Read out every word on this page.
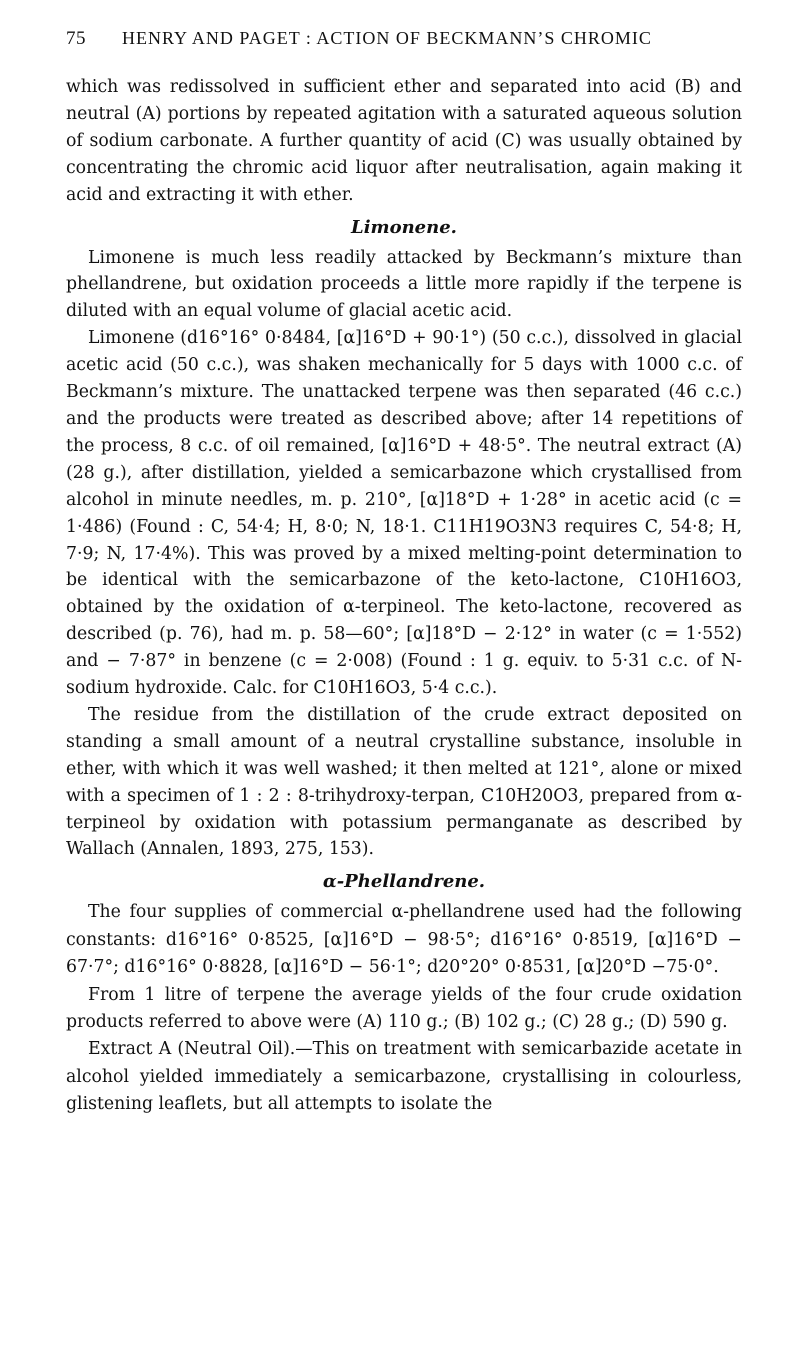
75	HENRY AND PAGET : ACTION OF BECKMANN’S CHROMIC

which was redissolved in sufficient ether and separated into acid (B) and neutral (A) portions by repeated agitation with a saturated aqueous solution of sodium carbonate. A further quantity of acid (C) was usually obtained by concentrating the chromic acid liquor after neutralisation, again making it acid and extracting it with ether.

Limonene.

Limonene is much less readily attacked by Beckmann’s mixture than phellandrene, but oxidation proceeds a little more rapidly if the terpene is diluted with an equal volume of glacial acetic acid.

Limonene (d16°16° 0·8484, [α]16°D + 90·1°) (50 c.c.), dissolved in glacial acetic acid (50 c.c.), was shaken mechanically for 5 days with 1000 c.c. of Beckmann’s mixture. The unattacked terpene was then separated (46 c.c.) and the products were treated as described above; after 14 repetitions of the process, 8 c.c. of oil remained, [α]16°D + 48·5°. The neutral extract (A) (28 g.), after distillation, yielded a semicarbazone which crystallised from alcohol in minute needles, m. p. 210°, [α]18°D + 1·28° in acetic acid (c = 1·486) (Found : C, 54·4; H, 8·0; N, 18·1. C11H19O3N3 requires C, 54·8; H, 7·9; N, 17·4%). This was proved by a mixed melting-point determination to be identical with the semicarbazone of the keto-lactone, C10H16O3, obtained by the oxidation of α-terpineol. The keto-lactone, recovered as described (p. 76), had m. p. 58—60°; [α]18°D − 2·12° in water (c = 1·552) and − 7·87° in benzene (c = 2·008) (Found : 1 g. equiv. to 5·31 c.c. of N-sodium hydroxide. Calc. for C10H16O3, 5·4 c.c.).

The residue from the distillation of the crude extract deposited on standing a small amount of a neutral crystalline substance, insoluble in ether, with which it was well washed; it then melted at 121°, alone or mixed with a specimen of 1 : 2 : 8-trihydroxy-terpan, C10H20O3, prepared from α-terpineol by oxidation with potassium permanganate as described by Wallach (Annalen, 1893, 275, 153).

α-Phellandrene.

The four supplies of commercial α-phellandrene used had the following constants: d16°16° 0·8525, [α]16°D − 98·5°; d16°16° 0·8519, [α]16°D − 67·7°; d16°16° 0·8828, [α]16°D − 56·1°; d20°20° 0·8531, [α]20°D −75·0°.

From 1 litre of terpene the average yields of the four crude oxidation products referred to above were (A) 110 g.; (B) 102 g.; (C) 28 g.; (D) 590 g.

Extract A (Neutral Oil).—This on treatment with semicarbazide acetate in alcohol yielded immediately a semicarbazone, crystallising in colourless, glistening leaflets, but all attempts to isolate the
